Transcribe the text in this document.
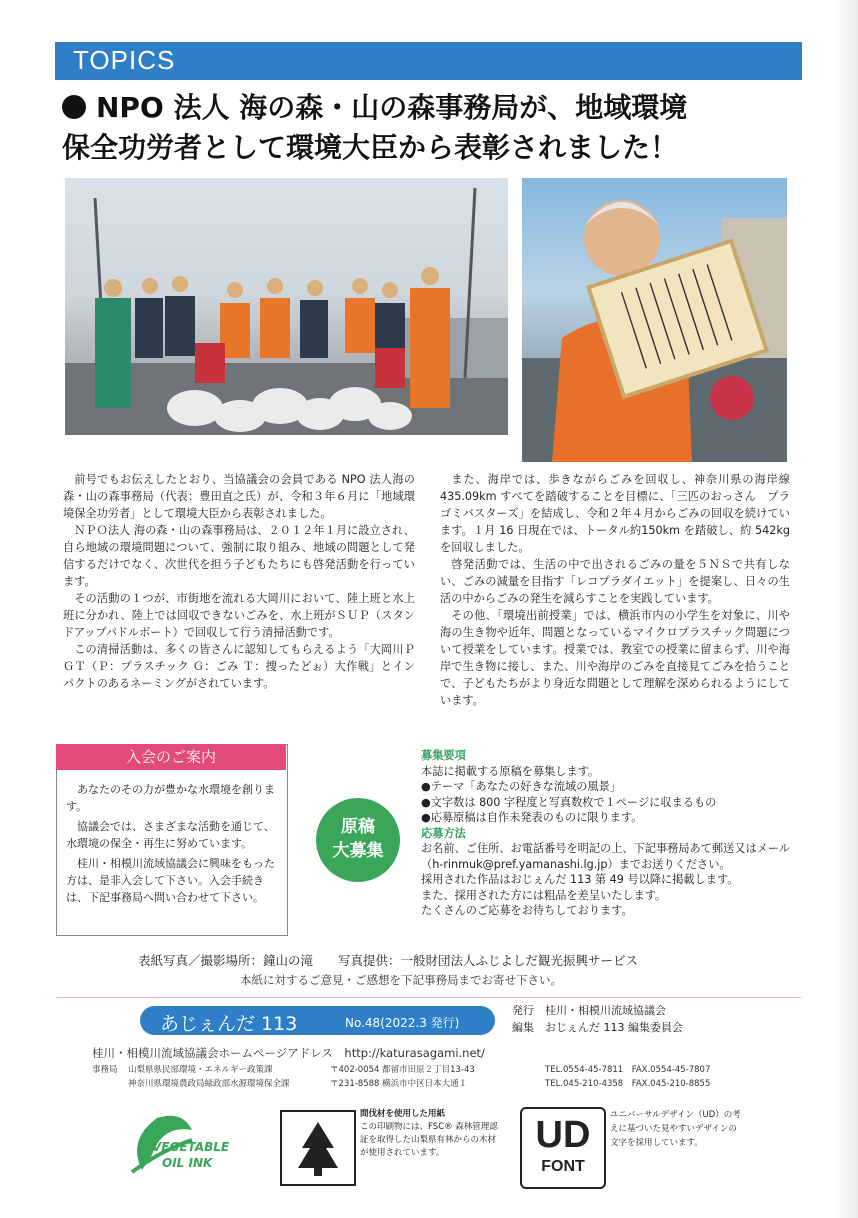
TOPICS
NPO 法人 海の森・山の森事務局が、地域環境
保全功労者として環境大臣から表彰されました！

前号でもお伝えしたとおり、当協議会の会員である NPO 法人海の森・山の森事務局（代表：豊田直之氏）が、令和３年６月に「地域環境保全功労者」として環境大臣から表彰されました。

ＮＰＯ法人 海の森・山の森事務局は、２０１２年１月に設立され、自ら地域の環境問題について、強制に取り組み、地域の問題として発信するだけでなく、次世代を担う子どもたちにも啓発活動を行っています。

その活動の１つが、市街地を流れる大岡川において、陸上班と水上班に分かれ、陸上では回収できないごみを、水上班がＳＵＰ（スタンドアップパドルボート）で回収して行う清掃活動です。

この清掃活動は、多くの皆さんに認知してもらえるよう「大岡川ＰＧＴ（Ｐ：プラスチック Ｇ：ごみ Ｔ：捜ったどぉ）大作戦」とインパクトのあるネーミングがされています。

また、海岸では、歩きながらごみを回収し、神奈川県の海岸線 435.09km すべてを踏破することを目標に、「三匹のおっさん　プラゴミバスターズ」を結成し、令和２年４月からごみの回収を続けています。１月 16 日現在では、トータル約150km を踏破し、約 542kg を回収しました。

啓発活動では、生活の中で出されるごみの量を５ＮＳで共有しない、ごみの減量を目指す「レコプラダイエット」を提案し、日々の生活の中からごみの発生を減らすことを実践しています。

その他、「環境出前授業」では、横浜市内の小学生を対象に、川や海の生き物や近年、問題となっているマイクロプラスチック問題について授業をしています。授業では、教室での授業に留まらず、川や海岸で生き物に接し、また、川や海岸のごみを直接見てごみを拾うことで、子どもたちがより身近な問題として理解を深められるようにしています。

入会のご案内

あなたのその力が豊かな水環境を創ります。

協議会では、さまざまな活動を通じて、水環境の保全・再生に努めています。

桂川・相模川流域協議会に興味をもった方は、是非入会して下さい。入会手続きは、下記事務局へ問い合わせて下さい。

原稿
大募集
募集要項
本誌に掲載する原稿を募集します。
●テーマ「あなたの好きな流域の風景」
●文字数は 800 字程度と写真数枚で１ページに収まるもの
●応募原稿は自作未発表のものに限ります。
応募方法
お名前、ご住所、お電話番号を明記の上、下記事務局あて郵送又はメール（h-rinmuk@pref.yamanashi.lg.jp）までお送りください。
採用された作品はおじぇんだ 113 第 49 号以降に掲載します。
また、採用された方には粗品を差呈いたします。
たくさんのご応募をお待ちしております。
表紙写真／撮影場所：鐘山の滝　　写真提供：一般財団法人ふじよしだ観光振興サービス
本紙に対するご意見・ご感想を下記事務局までお寄せ下さい。
あじぇんだ 113	No.48(2022.3 発行)
発行　桂川・相模川流域協議会
編集　おじぇんだ 113 編集委員会
桂川・相模川流域協議会ホームページアドレス　http://katurasagami.net/
事務局 山梨県県民部環境・エネルギー政策課	〒402-0054 都留市田原２丁目13-43	TEL.0554-45-7811　FAX.0554-45-7807
神奈川県環境農政局緑政部水源環境保全課	〒231-8588 横浜市中区日本大通１	TEL.045-210-4358　FAX.045-210-8855
VEGETABLE
OIL INK
間伐材を使用した用紙
この印刷物には、FSC® 森林管理認証を取得した山梨県有林からの木材が使用されています。	UD
FONT
ユニバーサルデザイン（UD）の考えに基づいた見やすいデザインの文字を採用しています。
